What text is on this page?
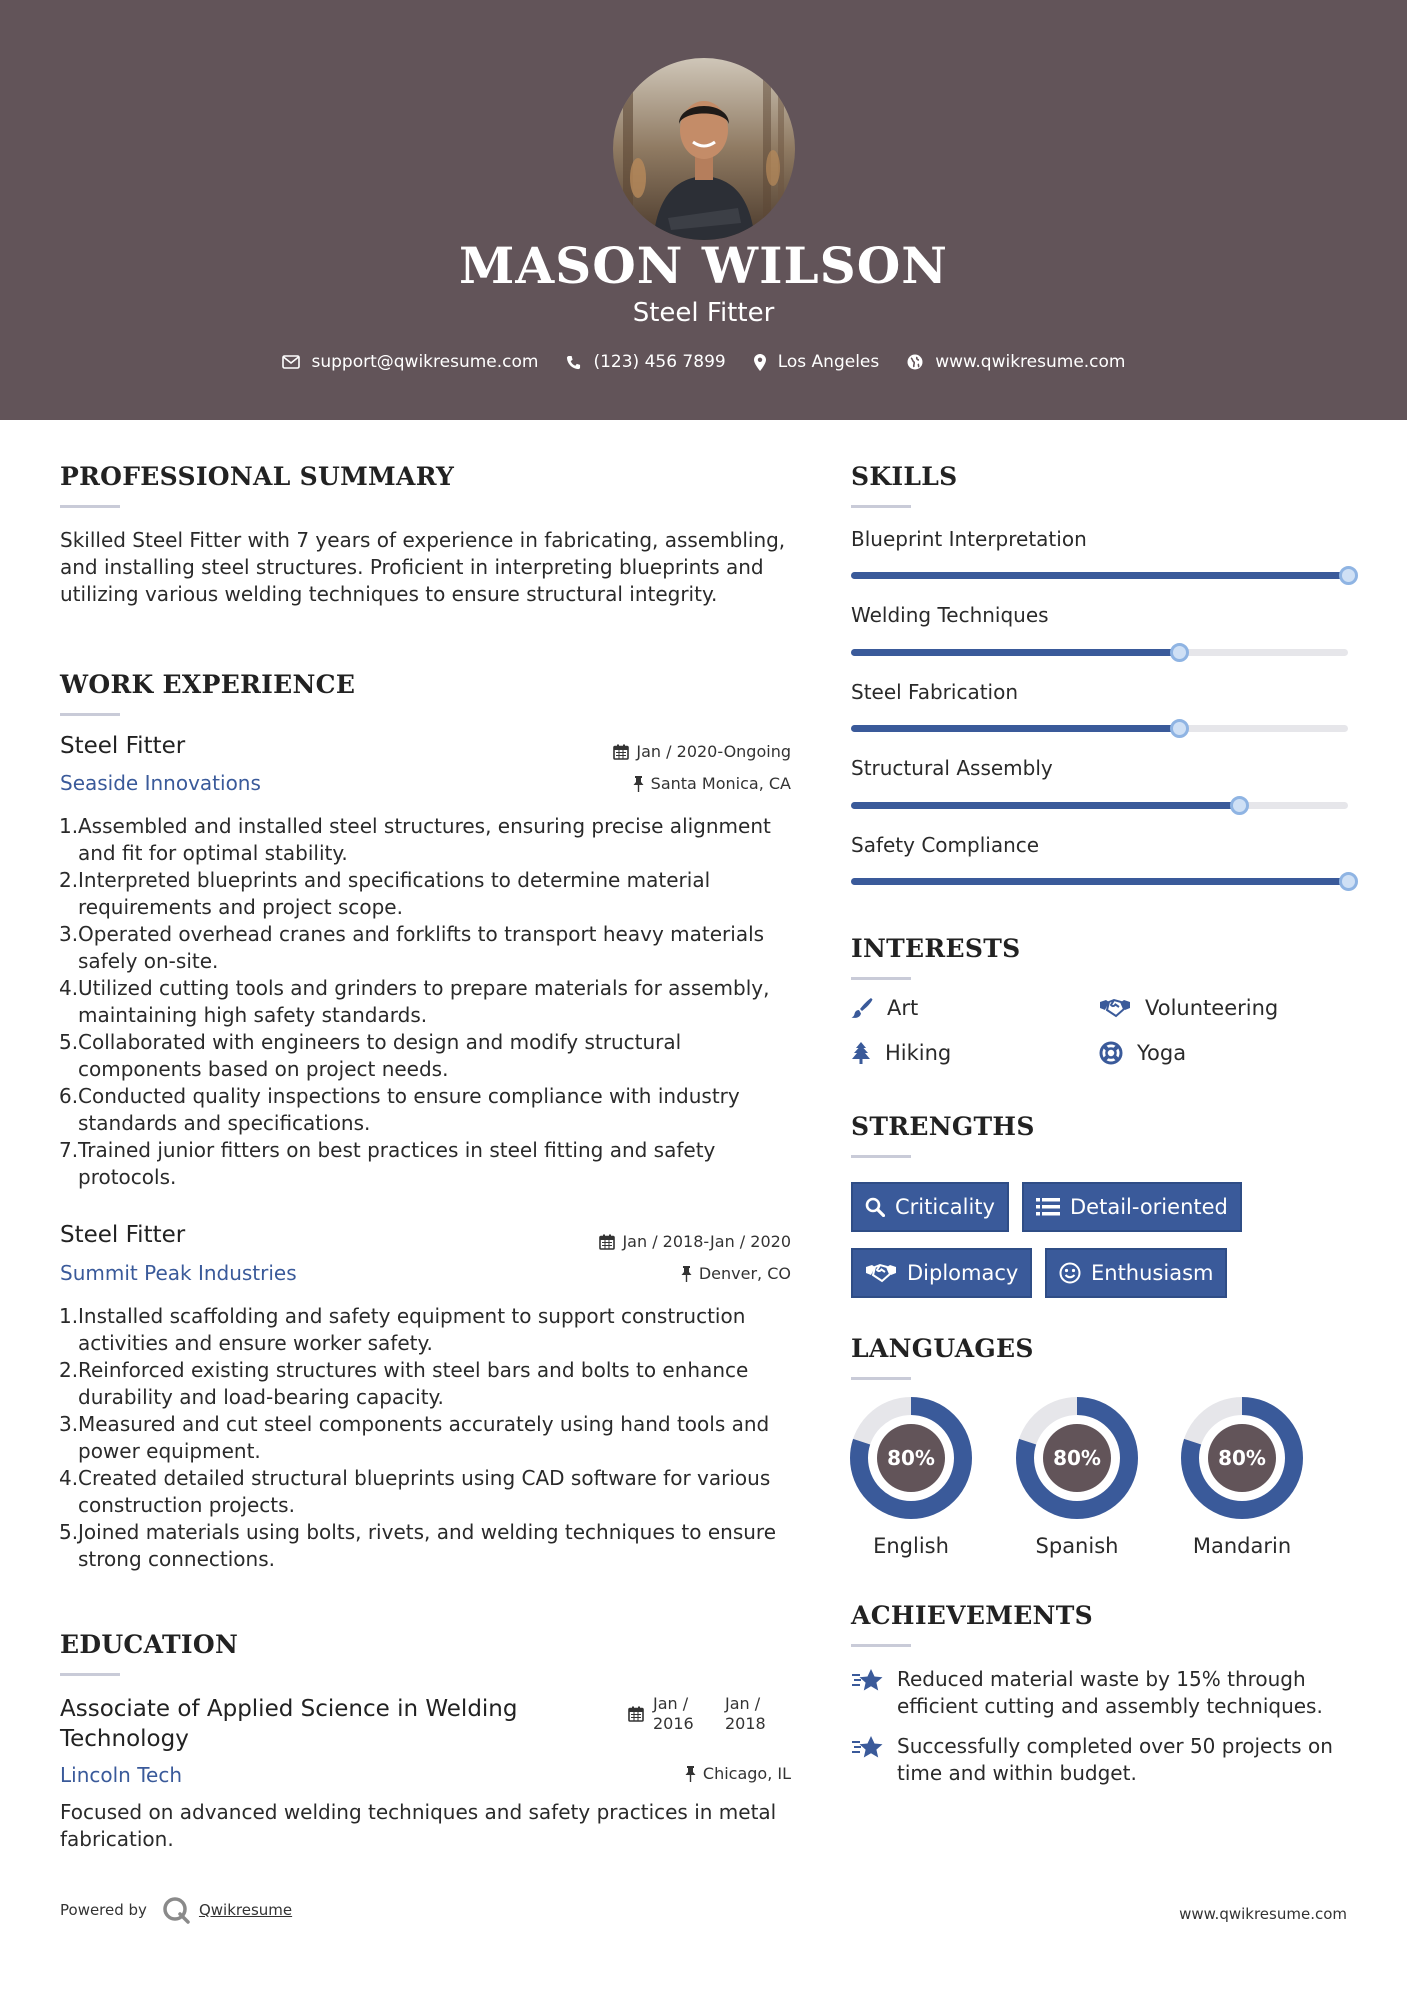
MASON WILSON
Steel Fitter
support@qwikresume.com	(123) 456 7899	Los Angeles	www.qwikresume.com
PROFESSIONAL SUMMARY
Skilled Steel Fitter with 7 years of experience in fabricating, assembling, and installing steel structures. Proficient in interpreting blueprints and utilizing various welding techniques to ensure structural integrity.
WORK EXPERIENCE
Steel Fitter	Jan / 2020-Ongoing
Seaside Innovations	Santa Monica, CA
1. Assembled and installed steel structures, ensuring precise alignment and fit for optimal stability.
2. Interpreted blueprints and specifications to determine material requirements and project scope.
3. Operated overhead cranes and forklifts to transport heavy materials safely on-site.
4. Utilized cutting tools and grinders to prepare materials for assembly, maintaining high safety standards.
5. Collaborated with engineers to design and modify structural components based on project needs.
6. Conducted quality inspections to ensure compliance with industry standards and specifications.
7. Trained junior fitters on best practices in steel fitting and safety protocols.
Steel Fitter	Jan / 2018-Jan / 2020
Summit Peak Industries	Denver, CO
1. Installed scaffolding and safety equipment to support construction activities and ensure worker safety.
2. Reinforced existing structures with steel bars and bolts to enhance durability and load-bearing capacity.
3. Measured and cut steel components accurately using hand tools and power equipment.
4. Created detailed structural blueprints using CAD software for various construction projects.
5. Joined materials using bolts, rivets, and welding techniques to ensure strong connections.
EDUCATION
Associate of Applied Science in Welding Technology
Jan / 2016
Jan / 2018
Lincoln Tech	Chicago, IL
Focused on advanced welding techniques and safety practices in metal fabrication.
SKILLS
Blueprint Interpretation
Welding Techniques
Steel Fabrication
Structural Assembly
Safety Compliance
INTERESTS
Art	Volunteering
Hiking	Yoga
STRENGTHS
Criticality	Detail-oriented
Diplomacy	Enthusiasm
LANGUAGES
80%
English
80%
Spanish
80%
Mandarin
ACHIEVEMENTS
Reduced material waste by 15% through efficient cutting and assembly techniques.
Successfully completed over 50 projects on time and within budget.
Powered by	Qwikresume	www.qwikresume.com
